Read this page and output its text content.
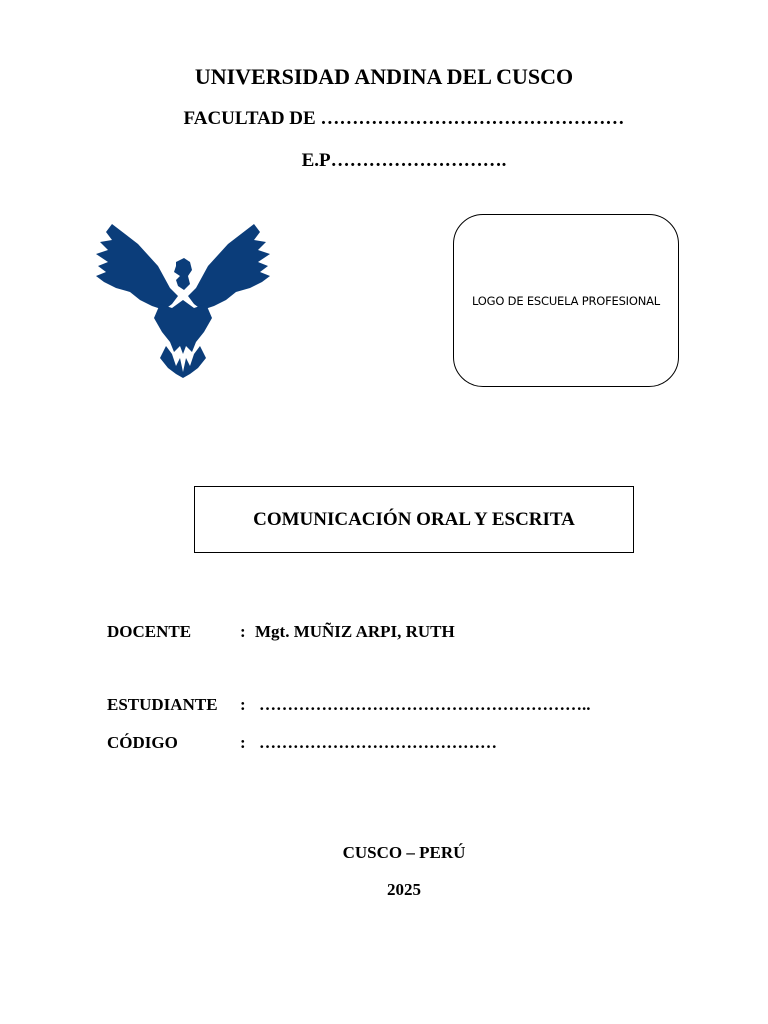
UNIVERSIDAD ANDINA DEL CUSCO
FACULTAD DE …………………………………………
E.P……………………….
LOGO DE ESCUELA PROFESIONAL
COMUNICACIÓN ORAL Y ESCRITA
DOCENTE	: Mgt. MUÑIZ ARPI, RUTH
ESTUDIANTE : …………………………………………………..
CÓDIGO	: ……………………………………
CUSCO – PERÚ
2025
